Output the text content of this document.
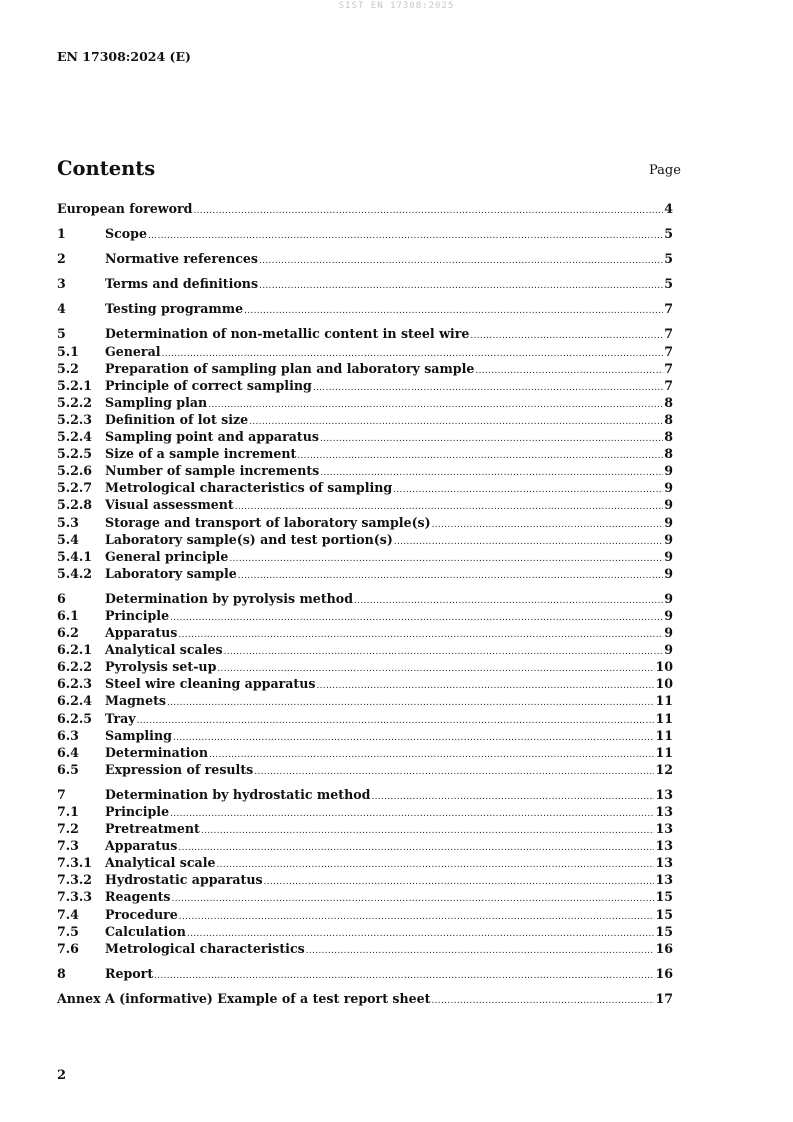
SIST EN 17308:2025
EN 17308:2024 (E)
Contents	Page
European foreword .....	4
1	Scope .....	5
2	Normative references .....	5
3	Terms and definitions .....	5
4	Testing programme .....	7
5	Determination of non-metallic content in steel wire .....	7
5.1	General .....	7
5.2	Preparation of sampling plan and laboratory sample .....	7
5.2.1	Principle of correct sampling .....	7
5.2.2	Sampling plan .....	8
5.2.3	Definition of lot size .....	8
5.2.4	Sampling point and apparatus .....	8
5.2.5	Size of a sample increment .....	8
5.2.6	Number of sample increments .....	9
5.2.7	Metrological characteristics of sampling .....	9
5.2.8	Visual assessment .....	9
5.3	Storage and transport of laboratory sample(s) .....	9
5.4	Laboratory sample(s) and test portion(s) .....	9
5.4.1	General principle .....	9
5.4.2	Laboratory sample .....	9
6	Determination by pyrolysis method .....	9
6.1	Principle .....	9
6.2	Apparatus .....	9
6.2.1	Analytical scales .....	9
6.2.2	Pyrolysis set-up .....	10
6.2.3	Steel wire cleaning apparatus .....	10
6.2.4	Magnets .....	11
6.2.5	Tray .....	11
6.3	Sampling .....	11
6.4	Determination .....	11
6.5	Expression of results .....	12
7	Determination by hydrostatic method .....	13
7.1	Principle .....	13
7.2	Pretreatment .....	13
7.3	Apparatus .....	13
7.3.1	Analytical scale .....	13
7.3.2	Hydrostatic apparatus .....	13
7.3.3	Reagents .....	15
7.4	Procedure .....	15
7.5	Calculation .....	15
7.6	Metrological characteristics .....	16
8	Report .....	16
Annex A (informative) Example of a test report sheet .....	17
2
